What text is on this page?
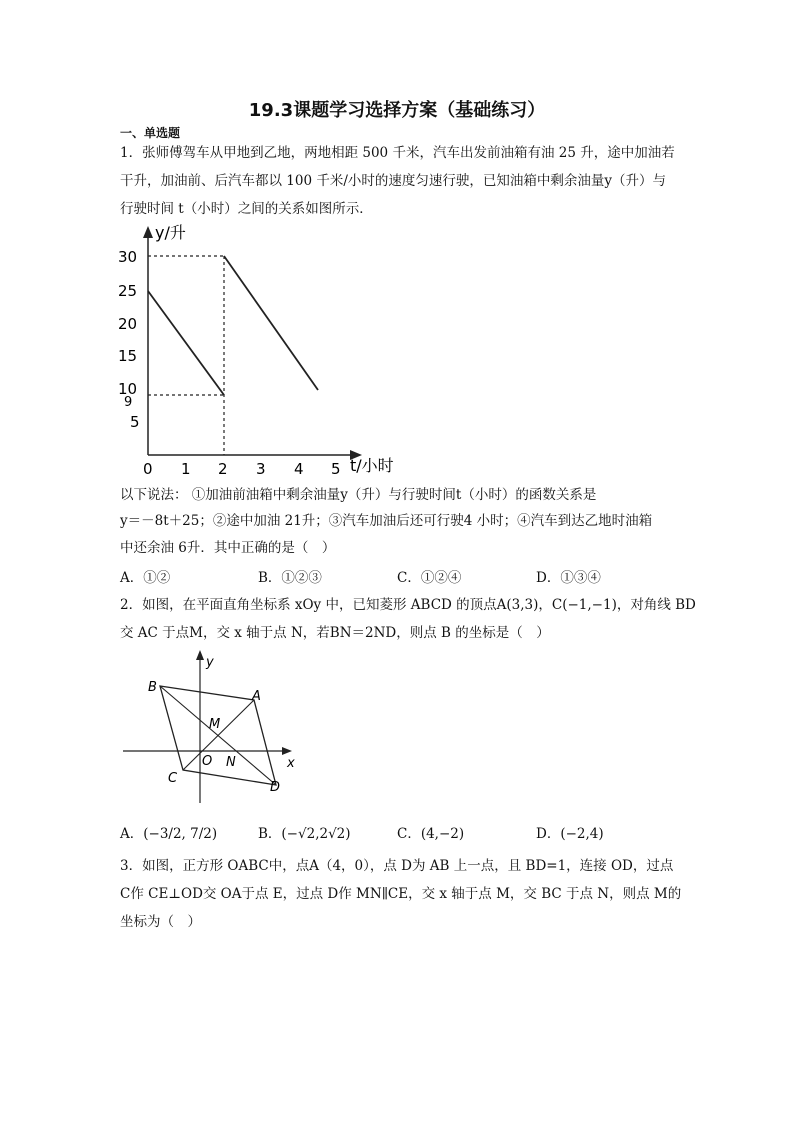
19.3课题学习选择方案（基础练习）
一、单选题
1．张师傅驾车从甲地到乙地，两地相距 500 千米，汽车出发前油箱有油 25 升，途中加油若
干升，加油前、后汽车都以 100 千米/小时的速度匀速行驶，已知油箱中剩余油量y（升）与
行驶时间 t（小时）之间的关系如图所示．
y/升
30
25
20
15
10
9
5
0 1 2 3 4 5 t/小时
以下说法： ①加油前油箱中剩余油量y（升）与行驶时间t（小时）的函数关系是
y＝－8t＋25；②途中加油 21升；③汽车加油后还可行驶4 小时；④汽车到达乙地时油箱
中还余油 6升．其中正确的是（　）
A．①②	B．①②③	C．①②④	D．①③④
2．如图，在平面直角坐标系 xOy 中，已知菱形 ABCD 的顶点A(3,3)，C(−1,−1)，对角线 BD
交 AC 于点M，交 x 轴于点 N，若BN＝2ND，则点 B 的坐标是（　）
y
x
B
A
M
O N
C
D
A．(−3/2, 7/2)	B．(−√2,2√2)	C．(4,−2)	D．(−2,4)
3．如图，正方形 OABC中，点A（4，0），点 D为 AB 上一点，且 BD=1，连接 OD，过点
C作 CE⊥OD交 OA于点 E，过点 D作 MN∥CE，交 x 轴于点 M，交 BC 于点 N，则点 M的
坐标为（　）
